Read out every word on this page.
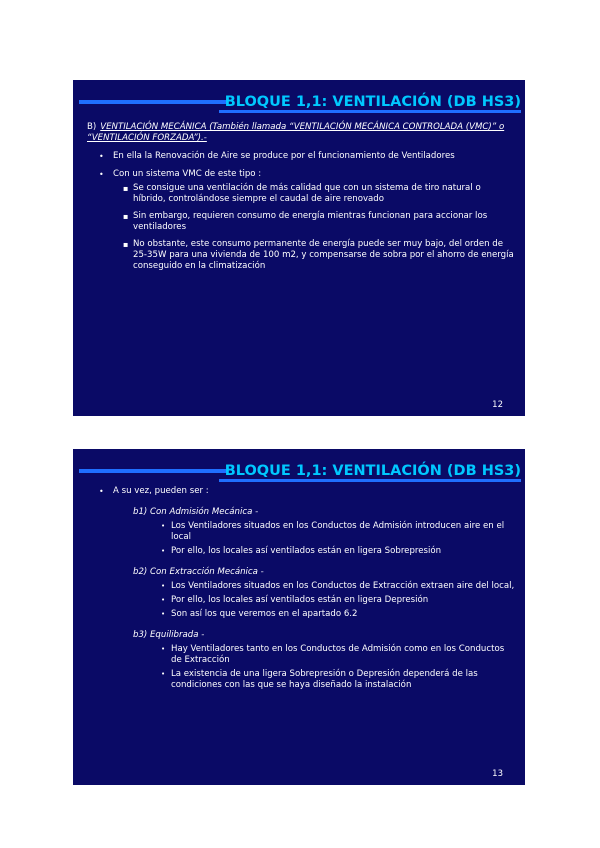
BLOQUE 1,1: VENTILACIÓN (DB HS3)
B) VENTILACIÓN MECÁNICA (También llamada “VENTILACIÓN MECÁNICA CONTROLADA (VMC)” o “VENTILACIÓN FORZADA”).-
• En ella la Renovación de Aire se produce por el funcionamiento de Ventiladores
• Con un sistema VMC de este tipo :
▪ Se consigue una ventilación de más calidad que con un sistema de tiro natural o híbrido, controlándose siempre el caudal de aire renovado
▪ Sin embargo, requieren consumo de energía mientras funcionan para accionar los ventiladores
▪ No obstante, este consumo permanente de energía puede ser muy bajo, del orden de 25-35W para una vivienda de 100 m2, y compensarse de sobra por el ahorro de energía conseguido en la climatización
12
BLOQUE 1,1: VENTILACIÓN (DB HS3)
• A su vez, pueden ser :
b1) Con Admisión Mecánica -
• Los Ventiladores situados en los Conductos de Admisión introducen aire en el local
• Por ello, los locales así ventilados están en ligera Sobrepresión
b2) Con Extracción Mecánica -
• Los Ventiladores situados en los Conductos de Extracción extraen aire del local,
• Por ello, los locales así ventilados están en ligera Depresión
• Son así los que veremos en el apartado 6.2
b3) Equilibrada -
• Hay Ventiladores tanto en los Conductos de Admisión como en los Conductos de Extracción
• La existencia de una ligera Sobrepresión o Depresión dependerá de las condiciones con las que se haya diseñado la instalación
13
